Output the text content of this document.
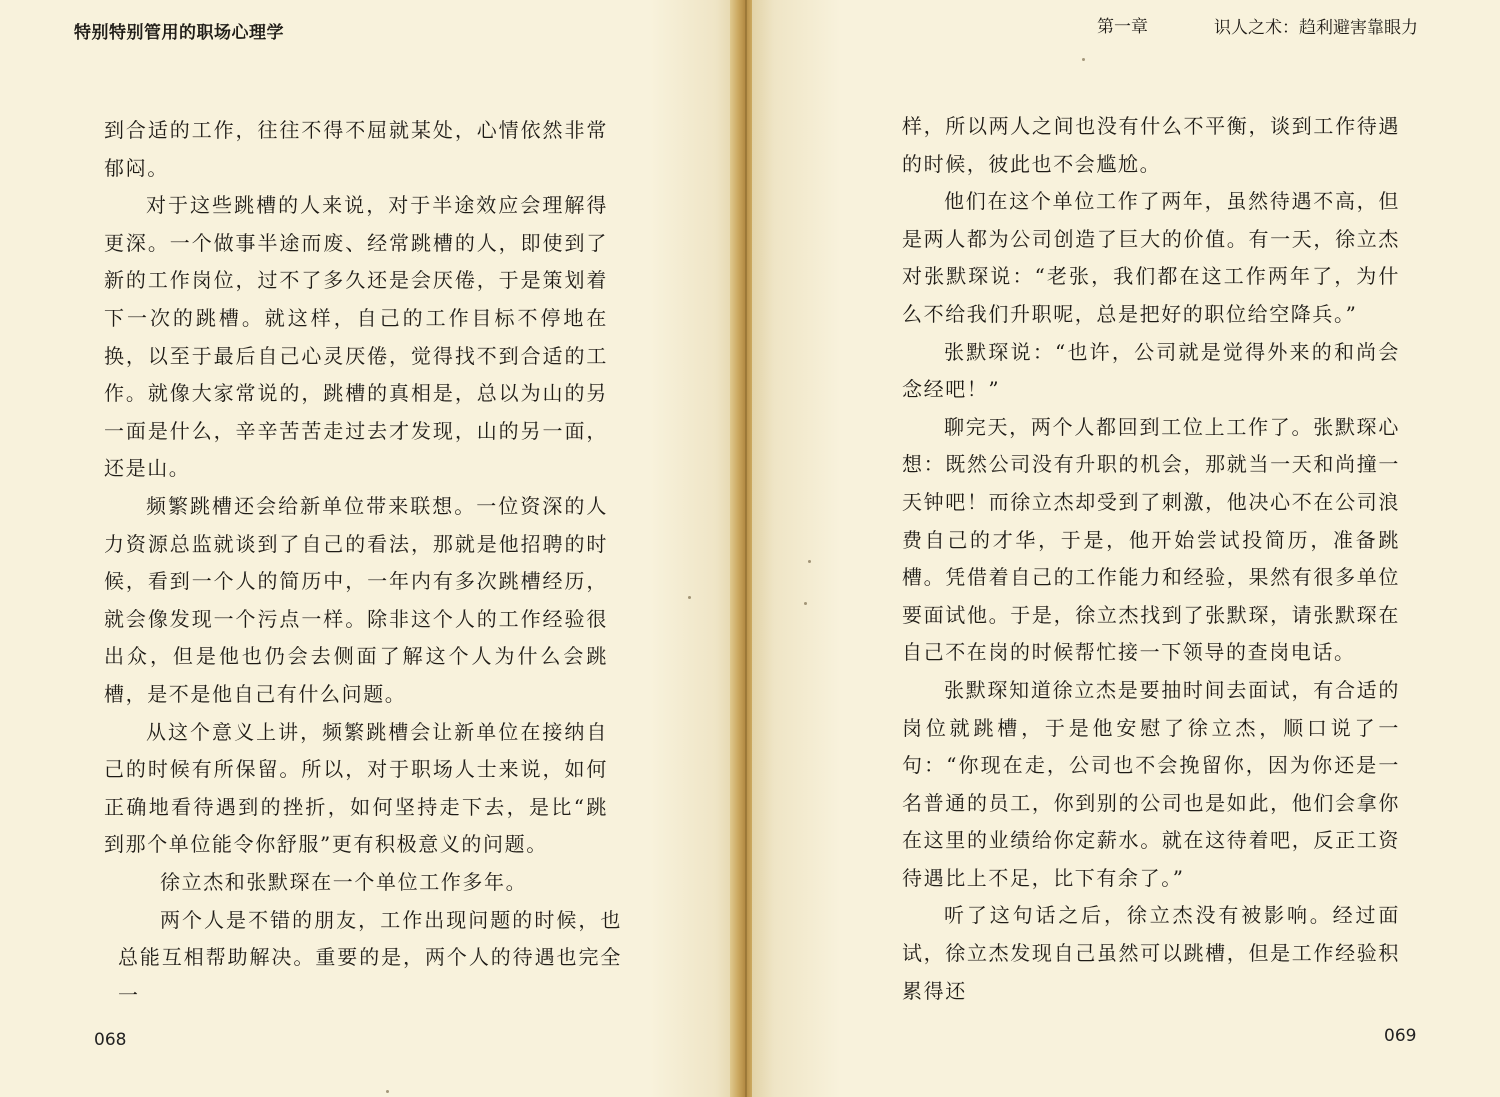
特别特别管用的职场心理学

到合适的工作，往往不得不屈就某处，心情依然非常郁闷。

对于这些跳槽的人来说，对于半途效应会理解得更深。一个做事半途而废、经常跳槽的人，即使到了新的工作岗位，过不了多久还是会厌倦，于是策划着下一次的跳槽。就这样，自己的工作目标不停地在换，以至于最后自己心灵厌倦，觉得找不到合适的工作。就像大家常说的，跳槽的真相是，总以为山的另一面是什么，辛辛苦苦走过去才发现，山的另一面，还是山。

频繁跳槽还会给新单位带来联想。一位资深的人力资源总监就谈到了自己的看法，那就是他招聘的时候，看到一个人的简历中，一年内有多次跳槽经历，就会像发现一个污点一样。除非这个人的工作经验很出众，但是他也仍会去侧面了解这个人为什么会跳槽，是不是他自己有什么问题。

从这个意义上讲，频繁跳槽会让新单位在接纳自己的时候有所保留。所以，对于职场人士来说，如何正确地看待遇到的挫折，如何坚持走下去，是比“跳到那个单位能令你舒服”更有积极意义的问题。

徐立杰和张默琛在一个单位工作多年。

两个人是不错的朋友，工作出现问题的时候，也总能互相帮助解决。重要的是，两个人的待遇也完全一

068
第一章	识人之术：趋利避害靠眼力

样，所以两人之间也没有什么不平衡，谈到工作待遇的时候，彼此也不会尴尬。

他们在这个单位工作了两年，虽然待遇不高，但是两人都为公司创造了巨大的价值。有一天，徐立杰对张默琛说：“老张，我们都在这工作两年了，为什么不给我们升职呢，总是把好的职位给空降兵。”

张默琛说：“也许，公司就是觉得外来的和尚会念经吧！”

聊完天，两个人都回到工位上工作了。张默琛心想：既然公司没有升职的机会，那就当一天和尚撞一天钟吧！而徐立杰却受到了刺激，他决心不在公司浪费自己的才华，于是，他开始尝试投简历，准备跳槽。凭借着自己的工作能力和经验，果然有很多单位要面试他。于是，徐立杰找到了张默琛，请张默琛在自己不在岗的时候帮忙接一下领导的查岗电话。

张默琛知道徐立杰是要抽时间去面试，有合适的岗位就跳槽，于是他安慰了徐立杰，顺口说了一句：“你现在走，公司也不会挽留你，因为你还是一名普通的员工，你到别的公司也是如此，他们会拿你在这里的业绩给你定薪水。就在这待着吧，反正工资待遇比上不足，比下有余了。”

听了这句话之后，徐立杰没有被影响。经过面试，徐立杰发现自己虽然可以跳槽，但是工作经验积累得还

069
